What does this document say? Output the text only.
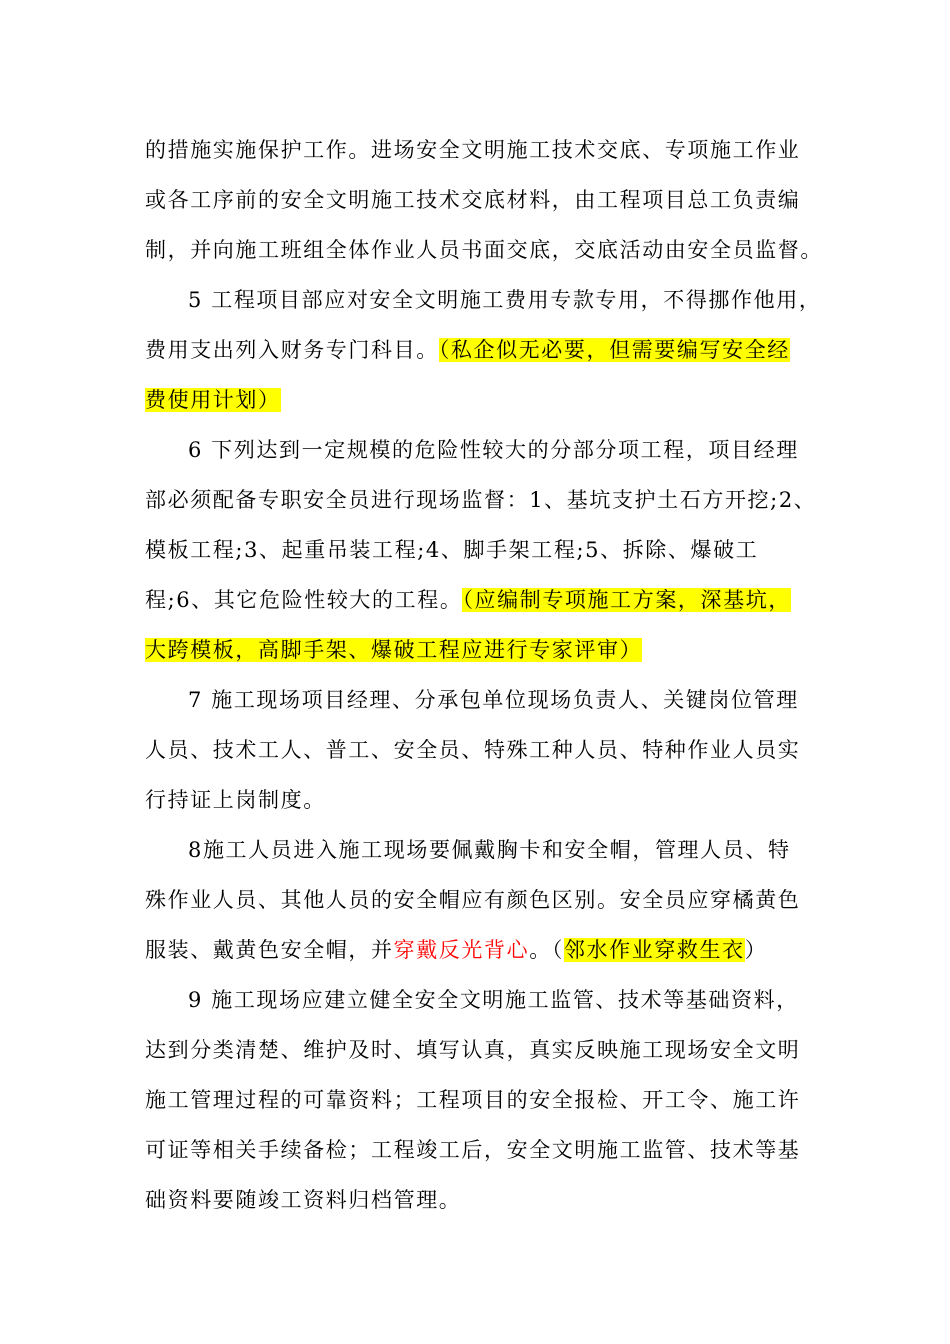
的措施实施保护工作。进场安全文明施工技术交底、专项施工作业
或各工序前的安全文明施工技术交底材料，由工程项目总工负责编
制，并向施工班组全体作业人员书面交底，交底活动由安全员监督。
5 工程项目部应对安全文明施工费用专款专用，不得挪作他用，
费用支出列入财务专门科目。（私企似无必要，但需要编写安全经
费使用计划）
6 下列达到一定规模的危险性较大的分部分项工程，项目经理
部必须配备专职安全员进行现场监督：1、基坑支护土石方开挖;2、
模板工程;3、起重吊装工程;4、脚手架工程;5、拆除、爆破工
程;6、其它危险性较大的工程。（应编制专项施工方案，深基坑，
大跨模板，高脚手架、爆破工程应进行专家评审）
7 施工现场项目经理、分承包单位现场负责人、关键岗位管理
人员、技术工人、普工、安全员、特殊工种人员、特种作业人员实
行持证上岗制度。
8施工人员进入施工现场要佩戴胸卡和安全帽，管理人员、特
殊作业人员、其他人员的安全帽应有颜色区别。安全员应穿橘黄色
服装、戴黄色安全帽，并穿戴反光背心。（邻水作业穿救生衣）
9 施工现场应建立健全安全文明施工监管、技术等基础资料，
达到分类清楚、维护及时、填写认真，真实反映施工现场安全文明
施工管理过程的可靠资料；工程项目的安全报检、开工令、施工许
可证等相关手续备检；工程竣工后，安全文明施工监管、技术等基
础资料要随竣工资料归档管理。
